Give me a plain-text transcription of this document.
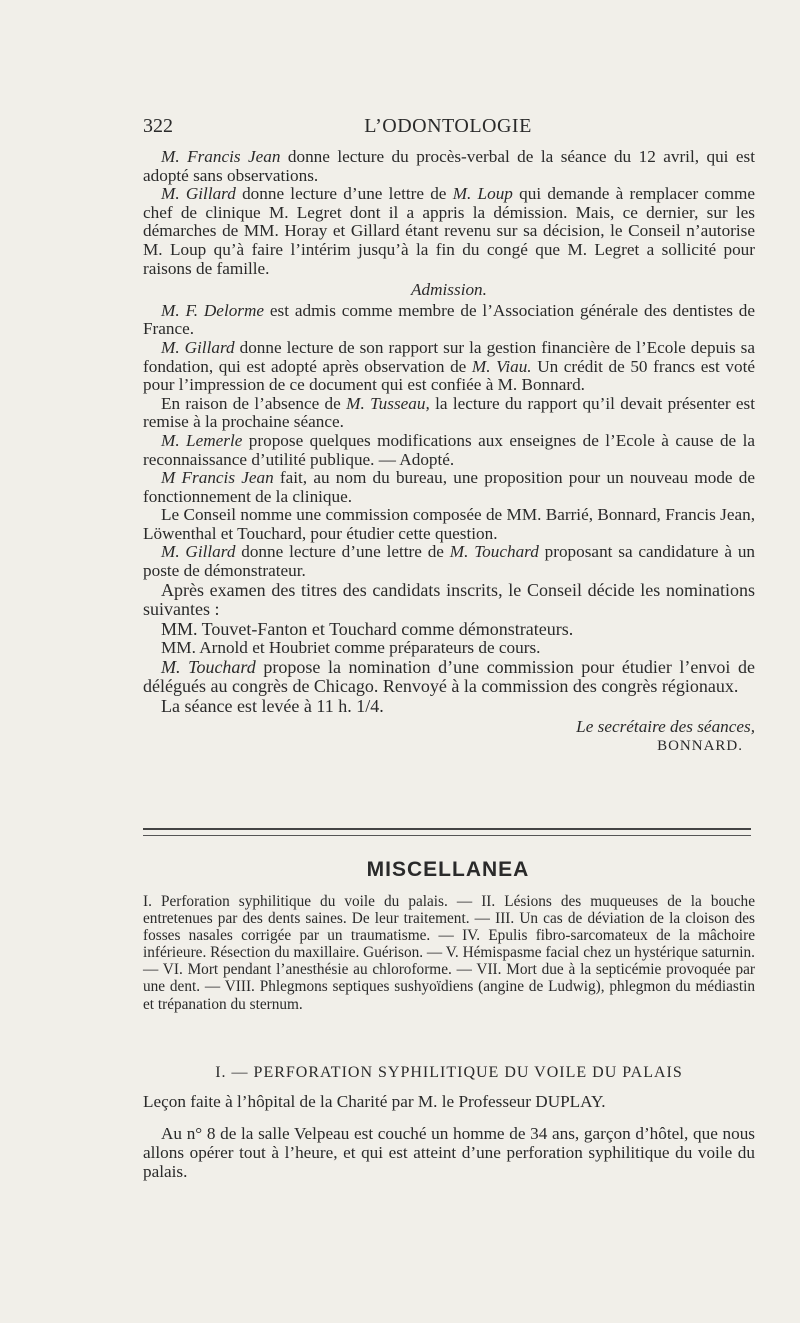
322	L’ODONTOLOGIE

M. Francis Jean donne lecture du procès-verbal de la séance du 12 avril, qui est adopté sans observations.

M. Gillard donne lecture d’une lettre de M. Loup qui demande à remplacer comme chef de clinique M. Legret dont il a appris la démission. Mais, ce dernier, sur les démarches de MM. Horay et Gillard étant revenu sur sa décision, le Conseil n’autorise M. Loup qu’à faire l’intérim jusqu’à la fin du congé que M. Legret a sollicité pour raisons de famille.

Admission.

M. F. Delorme est admis comme membre de l’Association générale des dentistes de France.

M. Gillard donne lecture de son rapport sur la gestion financière de l’Ecole depuis sa fondation, qui est adopté après observation de M. Viau. Un crédit de 50 francs est voté pour l’impression de ce document qui est confiée à M. Bonnard.

En raison de l’absence de M. Tusseau, la lecture du rapport qu’il devait présenter est remise à la prochaine séance.

M. Lemerle propose quelques modifications aux enseignes de l’Ecole à cause de la reconnaissance d’utilité publique. — Adopté.

M Francis Jean fait, au nom du bureau, une proposition pour un nouveau mode de fonctionnement de la clinique.

Le Conseil nomme une commission composée de MM. Barrié, Bonnard, Francis Jean, Löwenthal et Touchard, pour étudier cette question.

M. Gillard donne lecture d’une lettre de M. Touchard proposant sa candidature à un poste de démonstrateur.

Après examen des titres des candidats inscrits, le Conseil décide les nominations suivantes :

MM. Touvet-Fanton et Touchard comme démonstrateurs.

MM. Arnold et Houbriet comme préparateurs de cours.

M. Touchard propose la nomination d’une commission pour étudier l’envoi de délégués au congrès de Chicago. Renvoyé à la commission des congrès régionaux.

La séance est levée à 11 h. 1/4.

Le secrétaire des séances,
BONNARD.
MISCELLANEA
I. Perforation syphilitique du voile du palais. — II. Lésions des muqueuses de la bouche entretenues par des dents saines. De leur traitement. — III. Un cas de déviation de la cloison des fosses nasales corrigée par un traumatisme. — IV. Epulis fibro-sarcomateux de la mâchoire inférieure. Résection du maxillaire. Guérison. — V. Hémispasme facial chez un hystérique saturnin. — VI. Mort pendant l’anesthésie au chloroforme. — VII. Mort due à la septicémie provoquée par une dent. — VIII. Phlegmons septiques sushyoïdiens (angine de Ludwig), phlegmon du médiastin et trépanation du sternum.
I. — PERFORATION SYPHILITIQUE DU VOILE DU PALAIS

Leçon faite à l’hôpital de la Charité par M. le Professeur DUPLAY.

Au n° 8 de la salle Velpeau est couché un homme de 34 ans, garçon d’hôtel, que nous allons opérer tout à l’heure, et qui est atteint d’une perforation syphilitique du voile du palais.
